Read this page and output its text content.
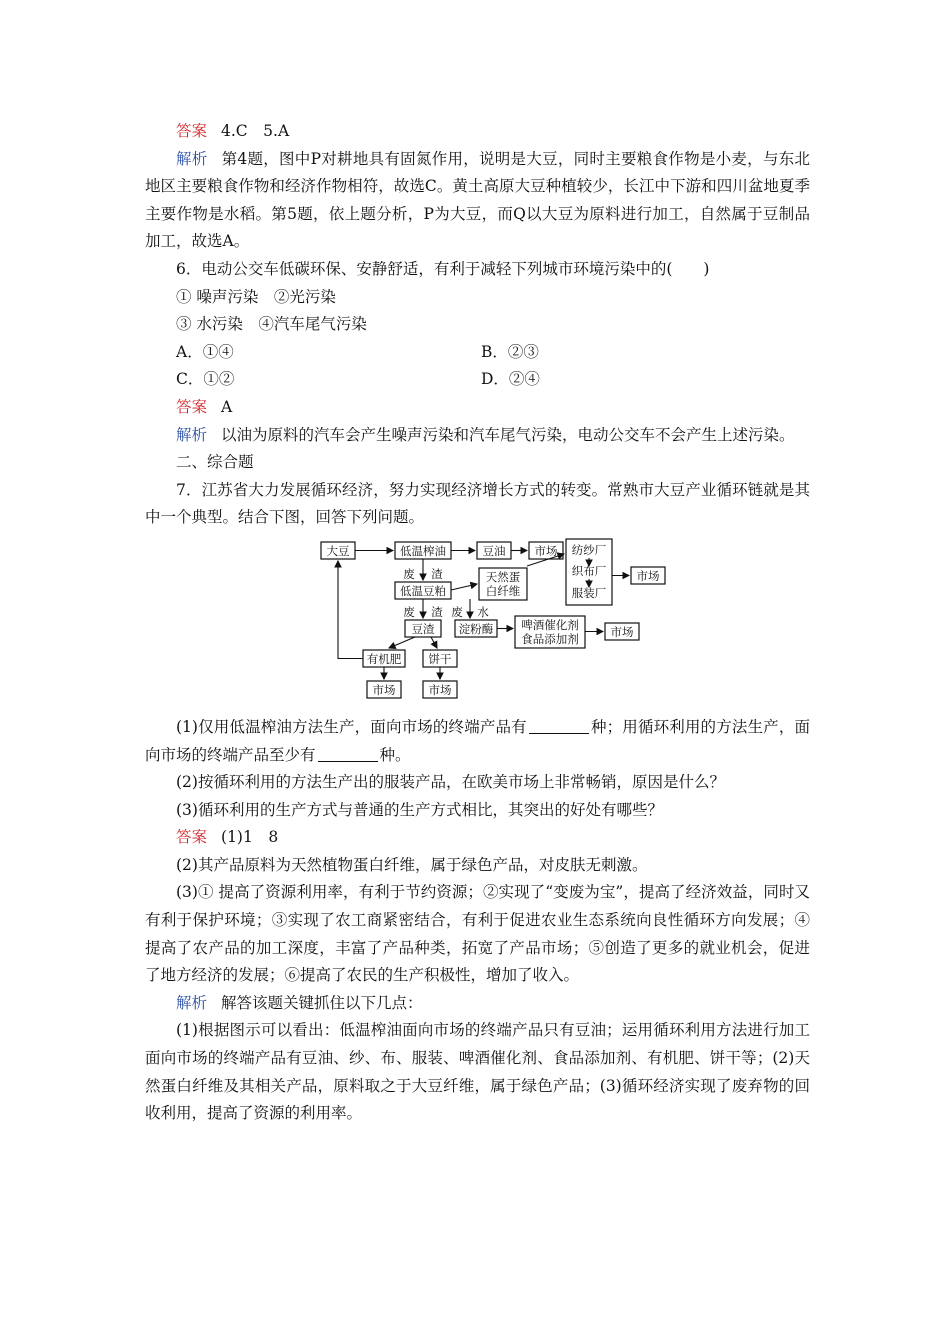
答案 4.C　5.A

解析 第4题，图中P对耕地具有固氮作用，说明是大豆，同时主要粮食作物是小麦，与东北地区主要粮食作物和经济作物相符，故选C。黄土高原大豆种植较少，长江中下游和四川盆地夏季主要作物是水稻。第5题，依上题分析，P为大豆，而Q以大豆为原料进行加工，自然属于豆制品加工，故选A。

6．电动公交车低碳环保、安静舒适，有利于减轻下列城市环境污染中的(　　)

① 噪声污染　②光污染

③ 水污染　④汽车尾气污染

A．①④	B．②③
C．①②	D．②④

答案 A

解析 以油为原料的汽车会产生噪声污染和汽车尾气污染，电动公交车不会产生上述污染。

二、综合题

7．江苏省大力发展循环经济，努力实现经济增长方式的转变。常熟市大豆产业循环链就是其中一个典型。结合下图，回答下列问题。

大豆	低温榨油	豆油	市场 纺纱厂
织布厂
服装厂
市场
废 渣
低温豆粕
天然蛋
白纤维
废 渣 废 水
豆渣 淀粉酶 啤酒催化剂
食品添加剂	市场
有机肥 饼干
市场	市场

(1)仅用低温榨油方法生产，面向市场的终端产品有	种；用循环利用的方法生产，面向市场的终端产品至少有	种。

(2)按循环利用的方法生产出的服装产品，在欧美市场上非常畅销，原因是什么？

(3)循环利用的生产方式与普通的生产方式相比，其突出的好处有哪些？

答案 (1)1　8

(2)其产品原料为天然植物蛋白纤维，属于绿色产品，对皮肤无刺激。

(3)① 提高了资源利用率，有利于节约资源；②实现了“变废为宝”，提高了经济效益，同时又有利于保护环境；③实现了农工商紧密结合，有利于促进农业生态系统向良性循环方向发展；④提高了农产品的加工深度，丰富了产品种类，拓宽了产品市场；⑤创造了更多的就业机会，促进了地方经济的发展；⑥提高了农民的生产积极性，增加了收入。

解析 解答该题关键抓住以下几点：

(1)根据图示可以看出：低温榨油面向市场的终端产品只有豆油；运用循环利用方法进行加工面向市场的终端产品有豆油、纱、布、服装、啤酒催化剂、食品添加剂、有机肥、饼干等；(2)天然蛋白纤维及其相关产品，原料取之于大豆纤维，属于绿色产品；(3)循环经济实现了废弃物的回收利用，提高了资源的利用率。
